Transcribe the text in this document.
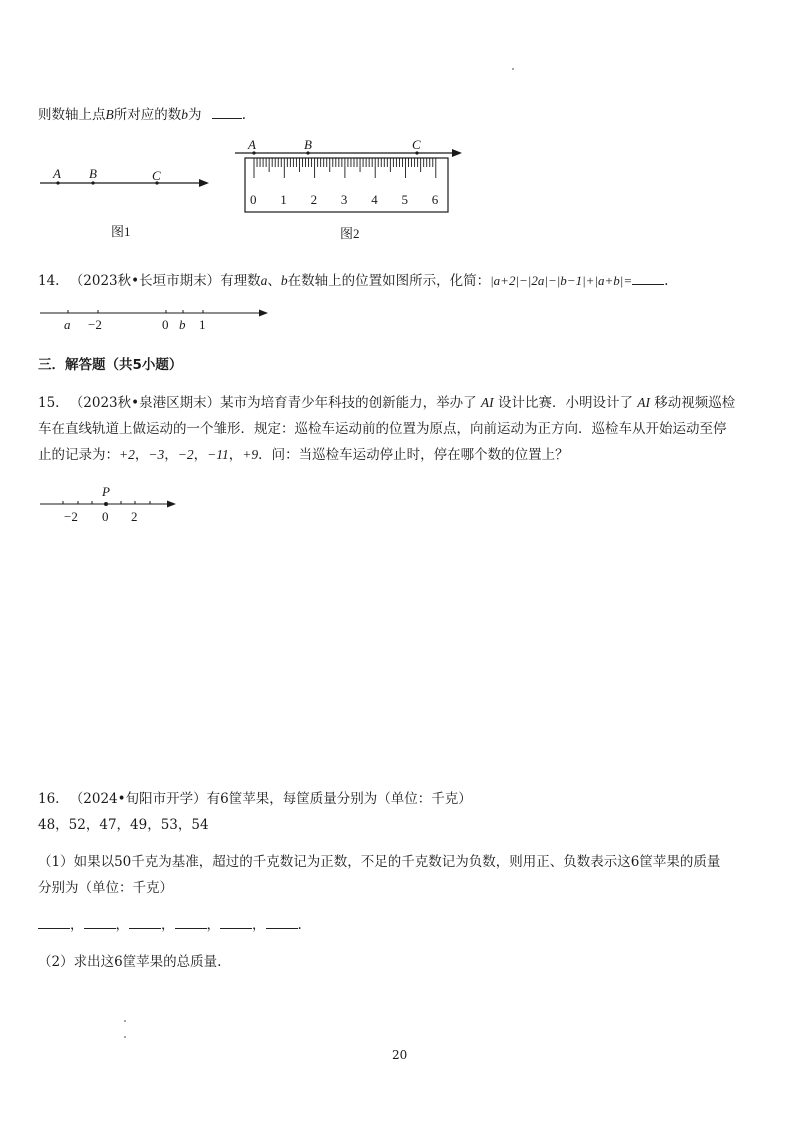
则数轴上点B所对应的数b为	.
A B	C
图1
A	B	C
0 1 2 3 4 5 6
图2
14. （2023秋•长垣市期末）有理数a、b在数轴上的位置如图所示，化简：|a+2|−|2a|−|b−1|+|a+b|= .
a −2	0 b 1
三．解答题（共5小题）
15. （2023秋•泉港区期末）某市为培育青少年科技的创新能力，举办了 AI 设计比赛．小明设计了 AI 移动视频巡检
车在直线轨道上做运动的一个雏形．规定：巡检车运动前的位置为原点，向前运动为正方向．巡检车从开始运动至停
止的记录为：+2，−3，−2，−11，+9．问：当巡检车运动停止时，停在哪个数的位置上？
P
−2 0 2
16. （2024•旬阳市开学）有6筐苹果，每筐质量分别为（单位：千克）
48，52，47，49，53，54
（1）如果以50千克为基准，超过的千克数记为正数，不足的千克数记为负数，则用正、负数表示这6筐苹果的质量
分别为（单位：千克）
， ， ， ， ， .
（2）求出这6筐苹果的总质量.
20
